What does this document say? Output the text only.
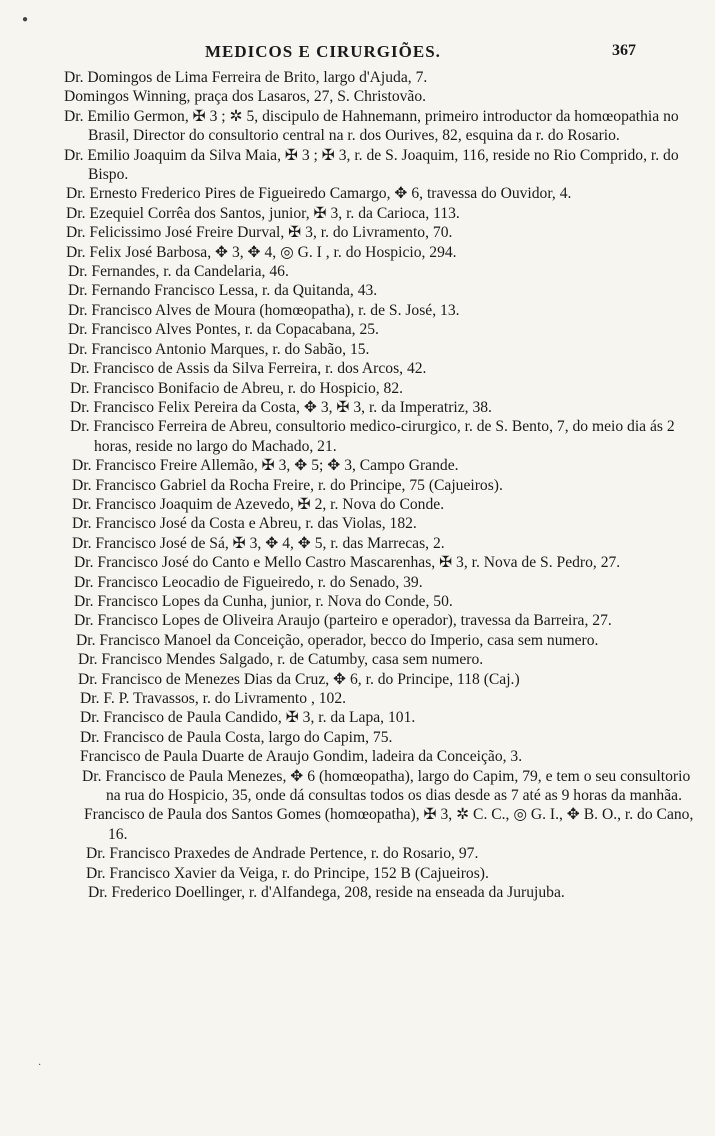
●
MEDICOS E CIRURGIÕES.	367
Dr. Domingos de Lima Ferreira de Brito, largo d'Ajuda, 7.
Domingos Winning, praça dos Lasaros, 27, S. Christovão.
Dr. Emilio Germon, ✠ 3 ; ✲ 5, discipulo de Hahnemann, primeiro introductor da homœopathia no Brasil, Director do consultorio central na r. dos Ourives, 82, esquina da r. do Rosario.
Dr. Emilio Joaquim da Silva Maia, ✠ 3 ; ✠ 3, r. de S. Joaquim, 116, reside no Rio Comprido, r. do Bispo.
Dr. Ernesto Frederico Pires de Figueiredo Camargo, ✥ 6, travessa do Ouvidor, 4.
Dr. Ezequiel Corrêa dos Santos, junior, ✠ 3, r. da Carioca, 113.
Dr. Felicissimo José Freire Durval, ✠ 3, r. do Livramento, 70.
Dr. Felix José Barbosa, ✥ 3, ✥ 4, ◎ G. I , r. do Hospicio, 294.
Dr. Fernandes, r. da Candelaria, 46.
Dr. Fernando Francisco Lessa, r. da Quitanda, 43.
Dr. Francisco Alves de Moura (homœopatha), r. de S. José, 13.
Dr. Francisco Alves Pontes, r. da Copacabana, 25.
Dr. Francisco Antonio Marques, r. do Sabão, 15.
Dr. Francisco de Assis da Silva Ferreira, r. dos Arcos, 42.
Dr. Francisco Bonifacio de Abreu, r. do Hospicio, 82.
Dr. Francisco Felix Pereira da Costa, ✥ 3, ✠ 3, r. da Imperatriz, 38.
Dr. Francisco Ferreira de Abreu, consultorio medico-cirurgico, r. de S. Bento, 7, do meio dia ás 2 horas, reside no largo do Machado, 21.
Dr. Francisco Freire Allemão, ✠ 3, ✥ 5; ✥ 3, Campo Grande.
Dr. Francisco Gabriel da Rocha Freire, r. do Principe, 75 (Cajueiros).
Dr. Francisco Joaquim de Azevedo, ✠ 2, r. Nova do Conde.
Dr. Francisco José da Costa e Abreu, r. das Violas, 182.
Dr. Francisco José de Sá, ✠ 3, ✥ 4, ✥ 5, r. das Marrecas, 2.
Dr. Francisco José do Canto e Mello Castro Mascarenhas, ✠ 3, r. Nova de S. Pedro, 27.
Dr. Francisco Leocadio de Figueiredo, r. do Senado, 39.
Dr. Francisco Lopes da Cunha, junior, r. Nova do Conde, 50.
Dr. Francisco Lopes de Oliveira Araujo (parteiro e operador), travessa da Barreira, 27.
Dr. Francisco Manoel da Conceição, operador, becco do Imperio, casa sem numero.
Dr. Francisco Mendes Salgado, r. de Catumby, casa sem numero.
Dr. Francisco de Menezes Dias da Cruz, ✥ 6, r. do Principe, 118 (Caj.)
Dr. F. P. Travassos, r. do Livramento , 102.
Dr. Francisco de Paula Candido, ✠ 3, r. da Lapa, 101.
Dr. Francisco de Paula Costa, largo do Capim, 75.
Francisco de Paula Duarte de Araujo Gondim, ladeira da Conceição, 3.
Dr. Francisco de Paula Menezes, ✥ 6 (homœopatha), largo do Capim, 79, e tem o seu consultorio na rua do Hospicio, 35, onde dá consultas todos os dias desde as 7 até as 9 horas da manhãa.
Francisco de Paula dos Santos Gomes (homœopatha), ✠ 3, ✲ C. C., ◎ G. I., ✥ B. O., r. do Cano, 16.
Dr. Francisco Praxedes de Andrade Pertence, r. do Rosario, 97.
Dr. Francisco Xavier da Veiga, r. do Principe, 152 B (Cajueiros).
Dr. Frederico Doellinger, r. d'Alfandega, 208, reside na enseada da Jurujuba.
·
